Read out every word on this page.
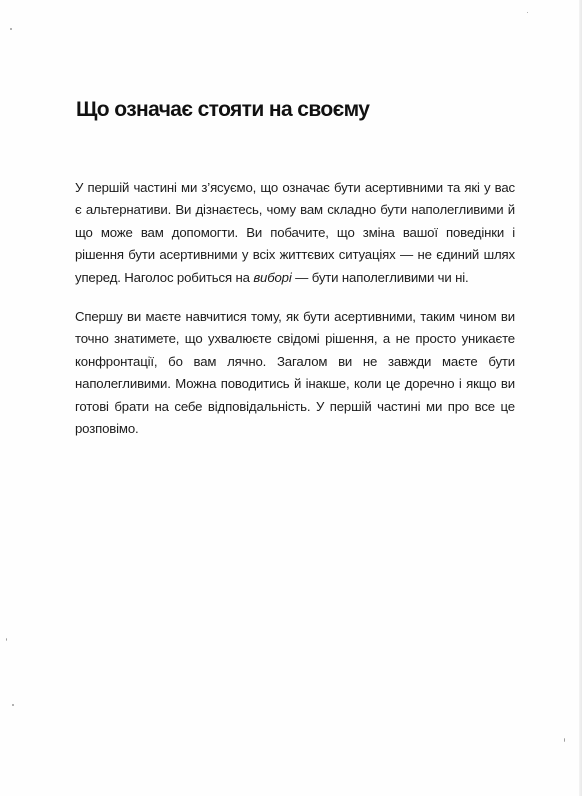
Що означає стояти на своєму

У першій частині ми з’ясуємо, що означає бути асертивними та які у вас є альтернативи. Ви дізнаєтесь, чому вам складно бути наполегливими й що може вам допомогти. Ви побачите, що зміна вашої поведінки і рішення бути асертивними у всіх життєвих ситуаціях — не єдиний шлях уперед. Наголос робиться на виборі — бути наполегливими чи ні.

Спершу ви маєте навчитися тому, як бути асертивними, таким чином ви точно знатимете, що ухвалюєте свідомі рішення, а не просто уникаєте конфронтації, бо вам лячно. Загалом ви не завжди маєте бути наполегливими. Можна поводитись й інакше, коли це доречно і якщо ви готові брати на себе відповідальність. У першій частині ми про все це розповімо.
